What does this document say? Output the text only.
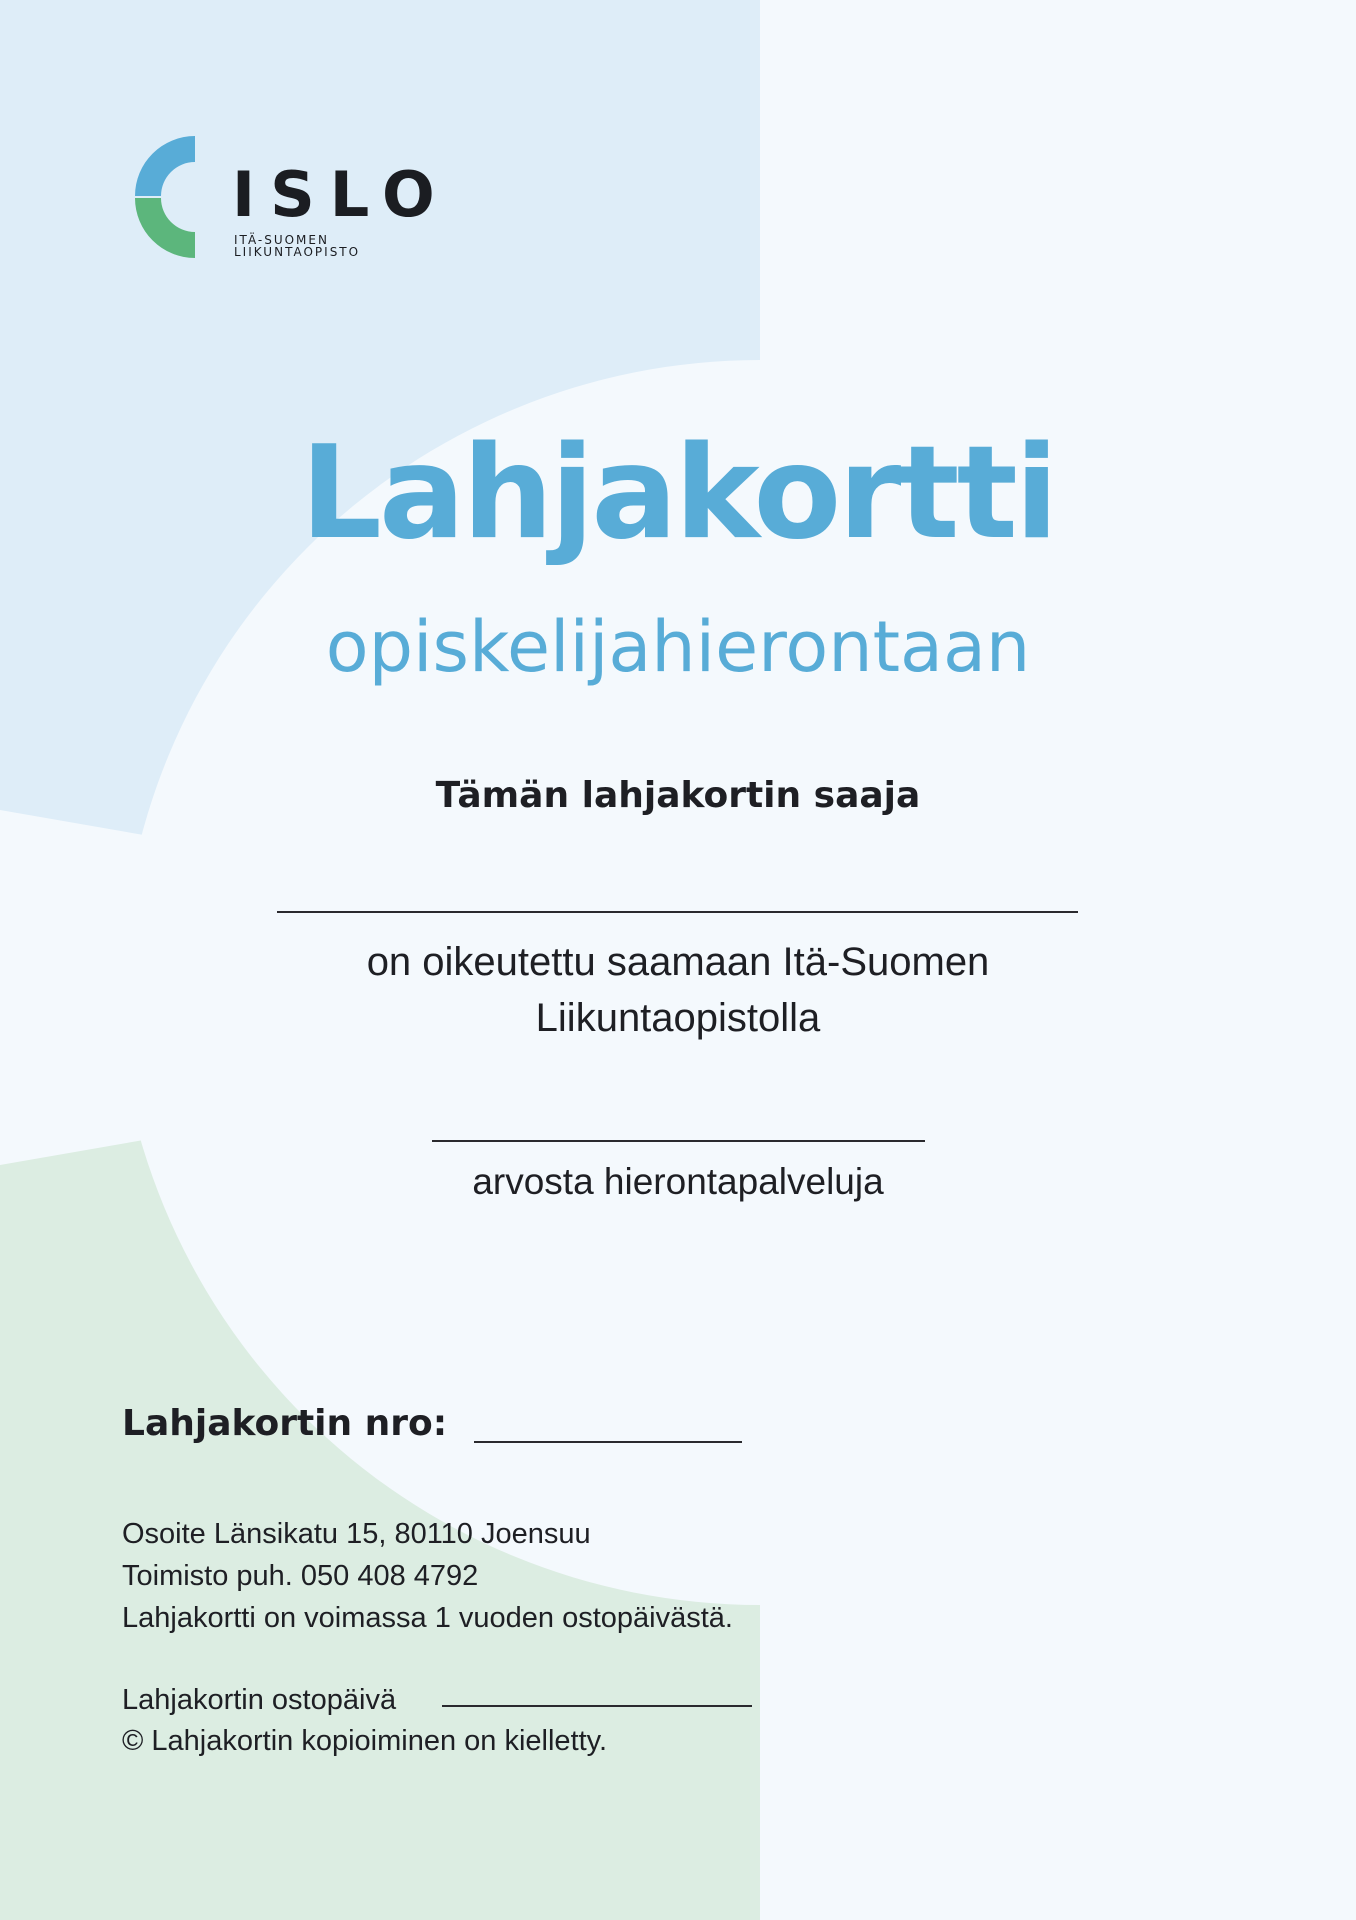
ISLO
ITÄ-SUOMEN
LIIKUNTAOPISTO
Lahjakortti
opiskelijahierontaan
Tämän lahjakortin saaja
on oikeutettu saamaan Itä-Suomen
Liikuntaopistolla
arvosta hierontapalveluja
Lahjakortin nro:
Osoite Länsikatu 15, 80110 Joensuu
Toimisto puh. 050 408 4792
Lahjakortti on voimassa 1 vuoden ostopäivästä.
Lahjakortin ostopäivä
© Lahjakortin kopioiminen on kielletty.
